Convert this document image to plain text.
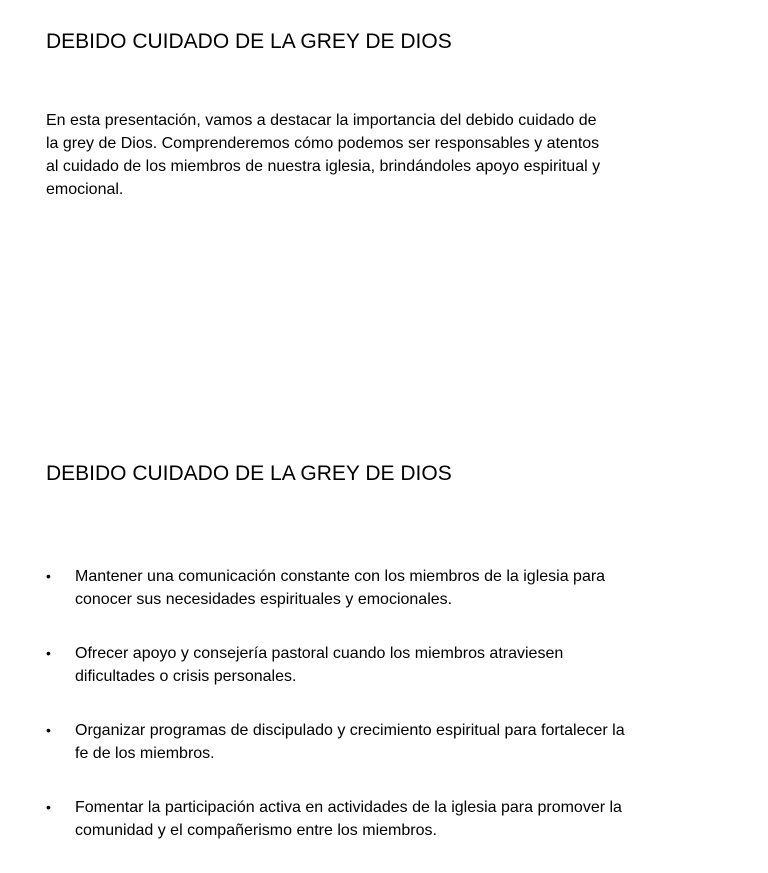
DEBIDO CUIDADO DE LA GREY DE DIOS

En esta presentación, vamos a destacar la importancia del debido cuidado de la grey de Dios. Comprenderemos cómo podemos ser responsables y atentos al cuidado de los miembros de nuestra iglesia, brindándoles apoyo espiritual y emocional.

DEBIDO CUIDADO DE LA GREY DE DIOS
• Mantener una comunicación constante con los miembros de la iglesia para conocer sus necesidades espirituales y emocionales.
• Ofrecer apoyo y consejería pastoral cuando los miembros atraviesen dificultades o crisis personales.
• Organizar programas de discipulado y crecimiento espiritual para fortalecer la fe de los miembros.
• Fomentar la participación activa en actividades de la iglesia para promover la comunidad y el compañerismo entre los miembros.
